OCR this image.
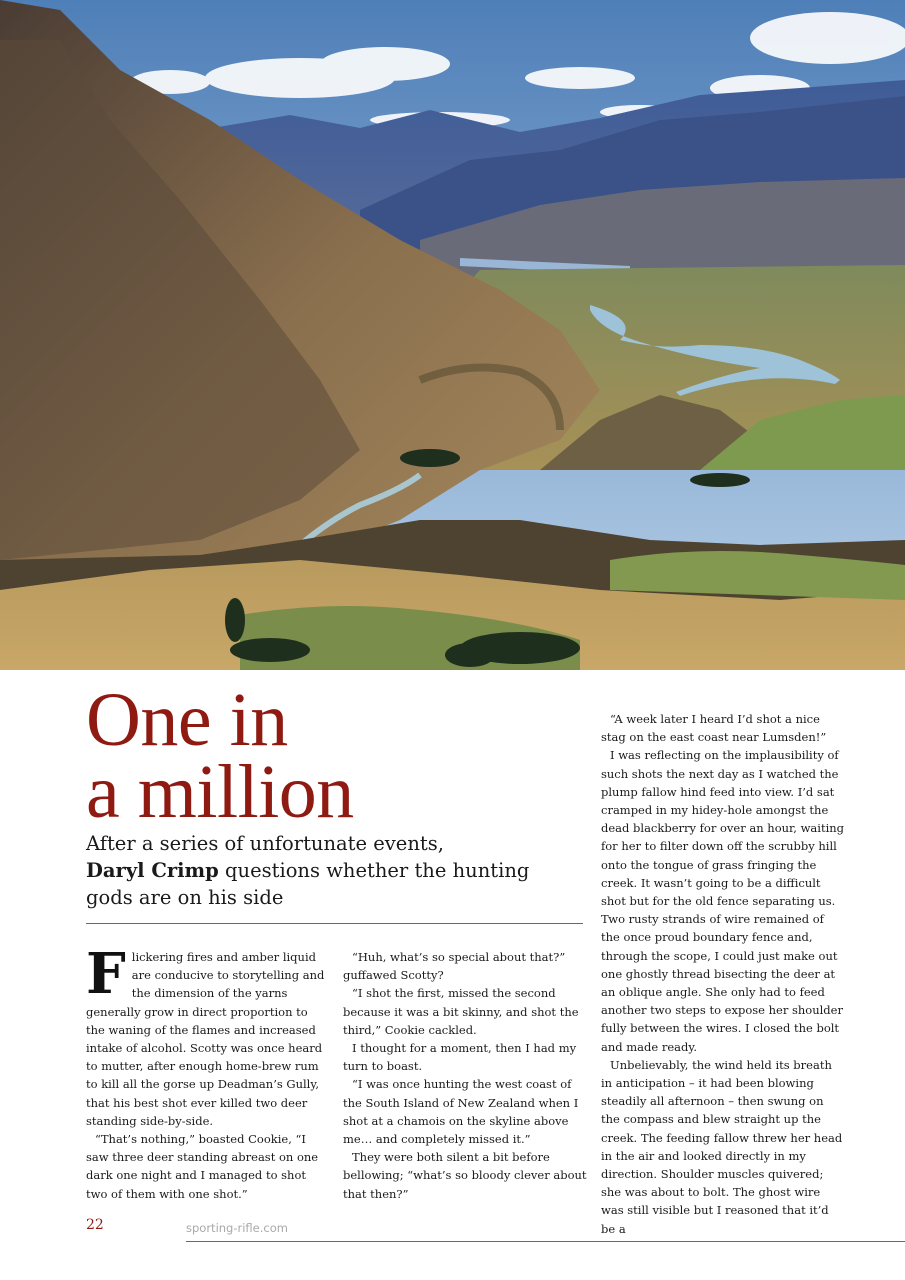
One in
a million

After a series of unfortunate events,
Daryl Crimp questions whether the hunting gods are on his side

Flickering fires and amber liquid are conducive to storytelling and the dimension of the yarns generally grow in direct proportion to the waning of the flames and increased intake of alcohol. Scotty was once heard to mutter, after enough home-brew rum to kill all the gorse up Deadman’s Gully, that his best shot ever killed two deer standing side-by-side.

“That’s nothing,” boasted Cookie, “I saw three deer standing abreast on one dark one night and I managed to shot two of them with one shot.”

“Huh, what’s so special about that?” guffawed Scotty?

“I shot the first, missed the second because it was a bit skinny, and shot the third,” Cookie cackled.

I thought for a moment, then I had my turn to boast.

“I was once hunting the west coast of the South Island of New Zealand when I shot at a chamois on the skyline above me… and completely missed it.”

They were both silent a bit before bellowing; “what’s so bloody clever about that then?”

“A week later I heard I’d shot a nice stag on the east coast near Lumsden!”

I was reflecting on the implausibility of such shots the next day as I watched the plump fallow hind feed into view. I’d sat cramped in my hidey-hole amongst the dead blackberry for over an hour, waiting for her to filter down off the scrubby hill onto the tongue of grass fringing the creek. It wasn’t going to be a difficult shot but for the old fence separating us. Two rusty strands of wire remained of the once proud boundary fence and, through the scope, I could just make out one ghostly thread bisecting the deer at an oblique angle. She only had to feed another two steps to expose her shoulder fully between the wires. I closed the bolt and made ready.

Unbelievably, the wind held its breath in anticipation – it had been blowing steadily all afternoon – then swung on the compass and blew straight up the creek. The feeding fallow threw her head in the air and looked directly in my direction. Shoulder muscles quivered; she was about to bolt. The ghost wire was still visible but I reasoned that it’d be a

22	sporting-rifle.com
